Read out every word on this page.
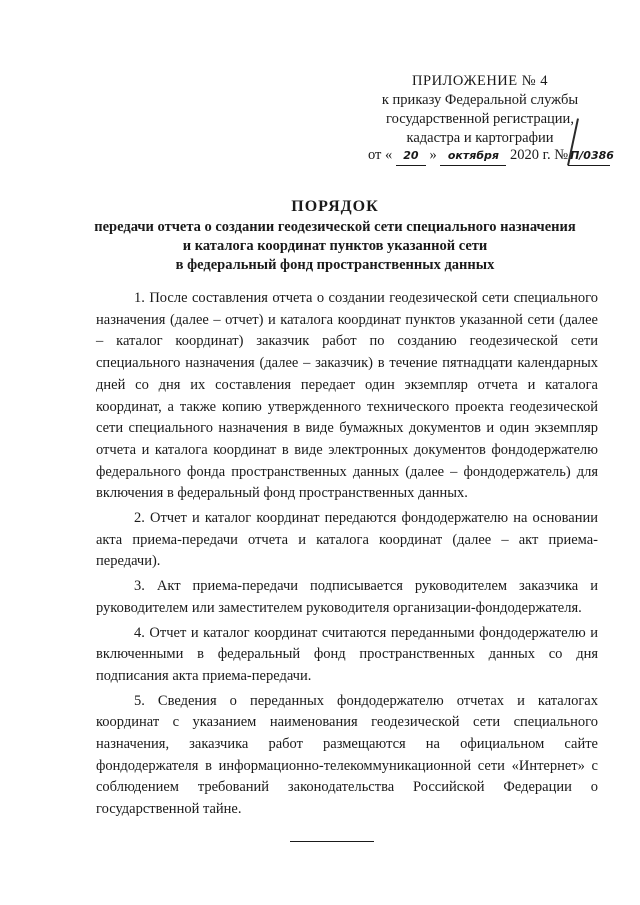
ПРИЛОЖЕНИЕ № 4
к приказу Федеральной службы
государственной регистрации,
кадастра и картографии
от « 20 » октября 2020 г. № П/0386
ПОРЯДОК
передачи отчета о создании геодезической сети специального назначения
и каталога координат пунктов указанной сети
в федеральный фонд пространственных данных

1. После составления отчета о создании геодезической сети специального назначения (далее – отчет) и каталога координат пунктов указанной сети (далее – каталог координат) заказчик работ по созданию геодезической сети специального назначения (далее – заказчик) в течение пятнадцати календарных дней со дня их составления передает один экземпляр отчета и каталога координат, а также копию утвержденного технического проекта геодезической сети специального назначения в виде бумажных документов и один экземпляр отчета и каталога координат в виде электронных документов фондодержателю федерального фонда пространственных данных (далее – фондодержатель) для включения в федеральный фонд пространственных данных.

2. Отчет и каталог координат передаются фондодержателю на основании акта приема-передачи отчета и каталога координат (далее – акт приема-передачи).

3. Акт приема-передачи подписывается руководителем заказчика и руководителем или заместителем руководителя организации-фондодержателя.

4. Отчет и каталог координат считаются переданными фондодержателю и включенными в федеральный фонд пространственных данных со дня подписания акта приема-передачи.

5. Сведения о переданных фондодержателю отчетах и каталогах координат с указанием наименования геодезической сети специального назначения, заказчика работ размещаются на официальном сайте фондодержателя в информационно-телекоммуникационной сети «Интернет» с соблюдением требований законодательства Российской Федерации о государственной тайне.
